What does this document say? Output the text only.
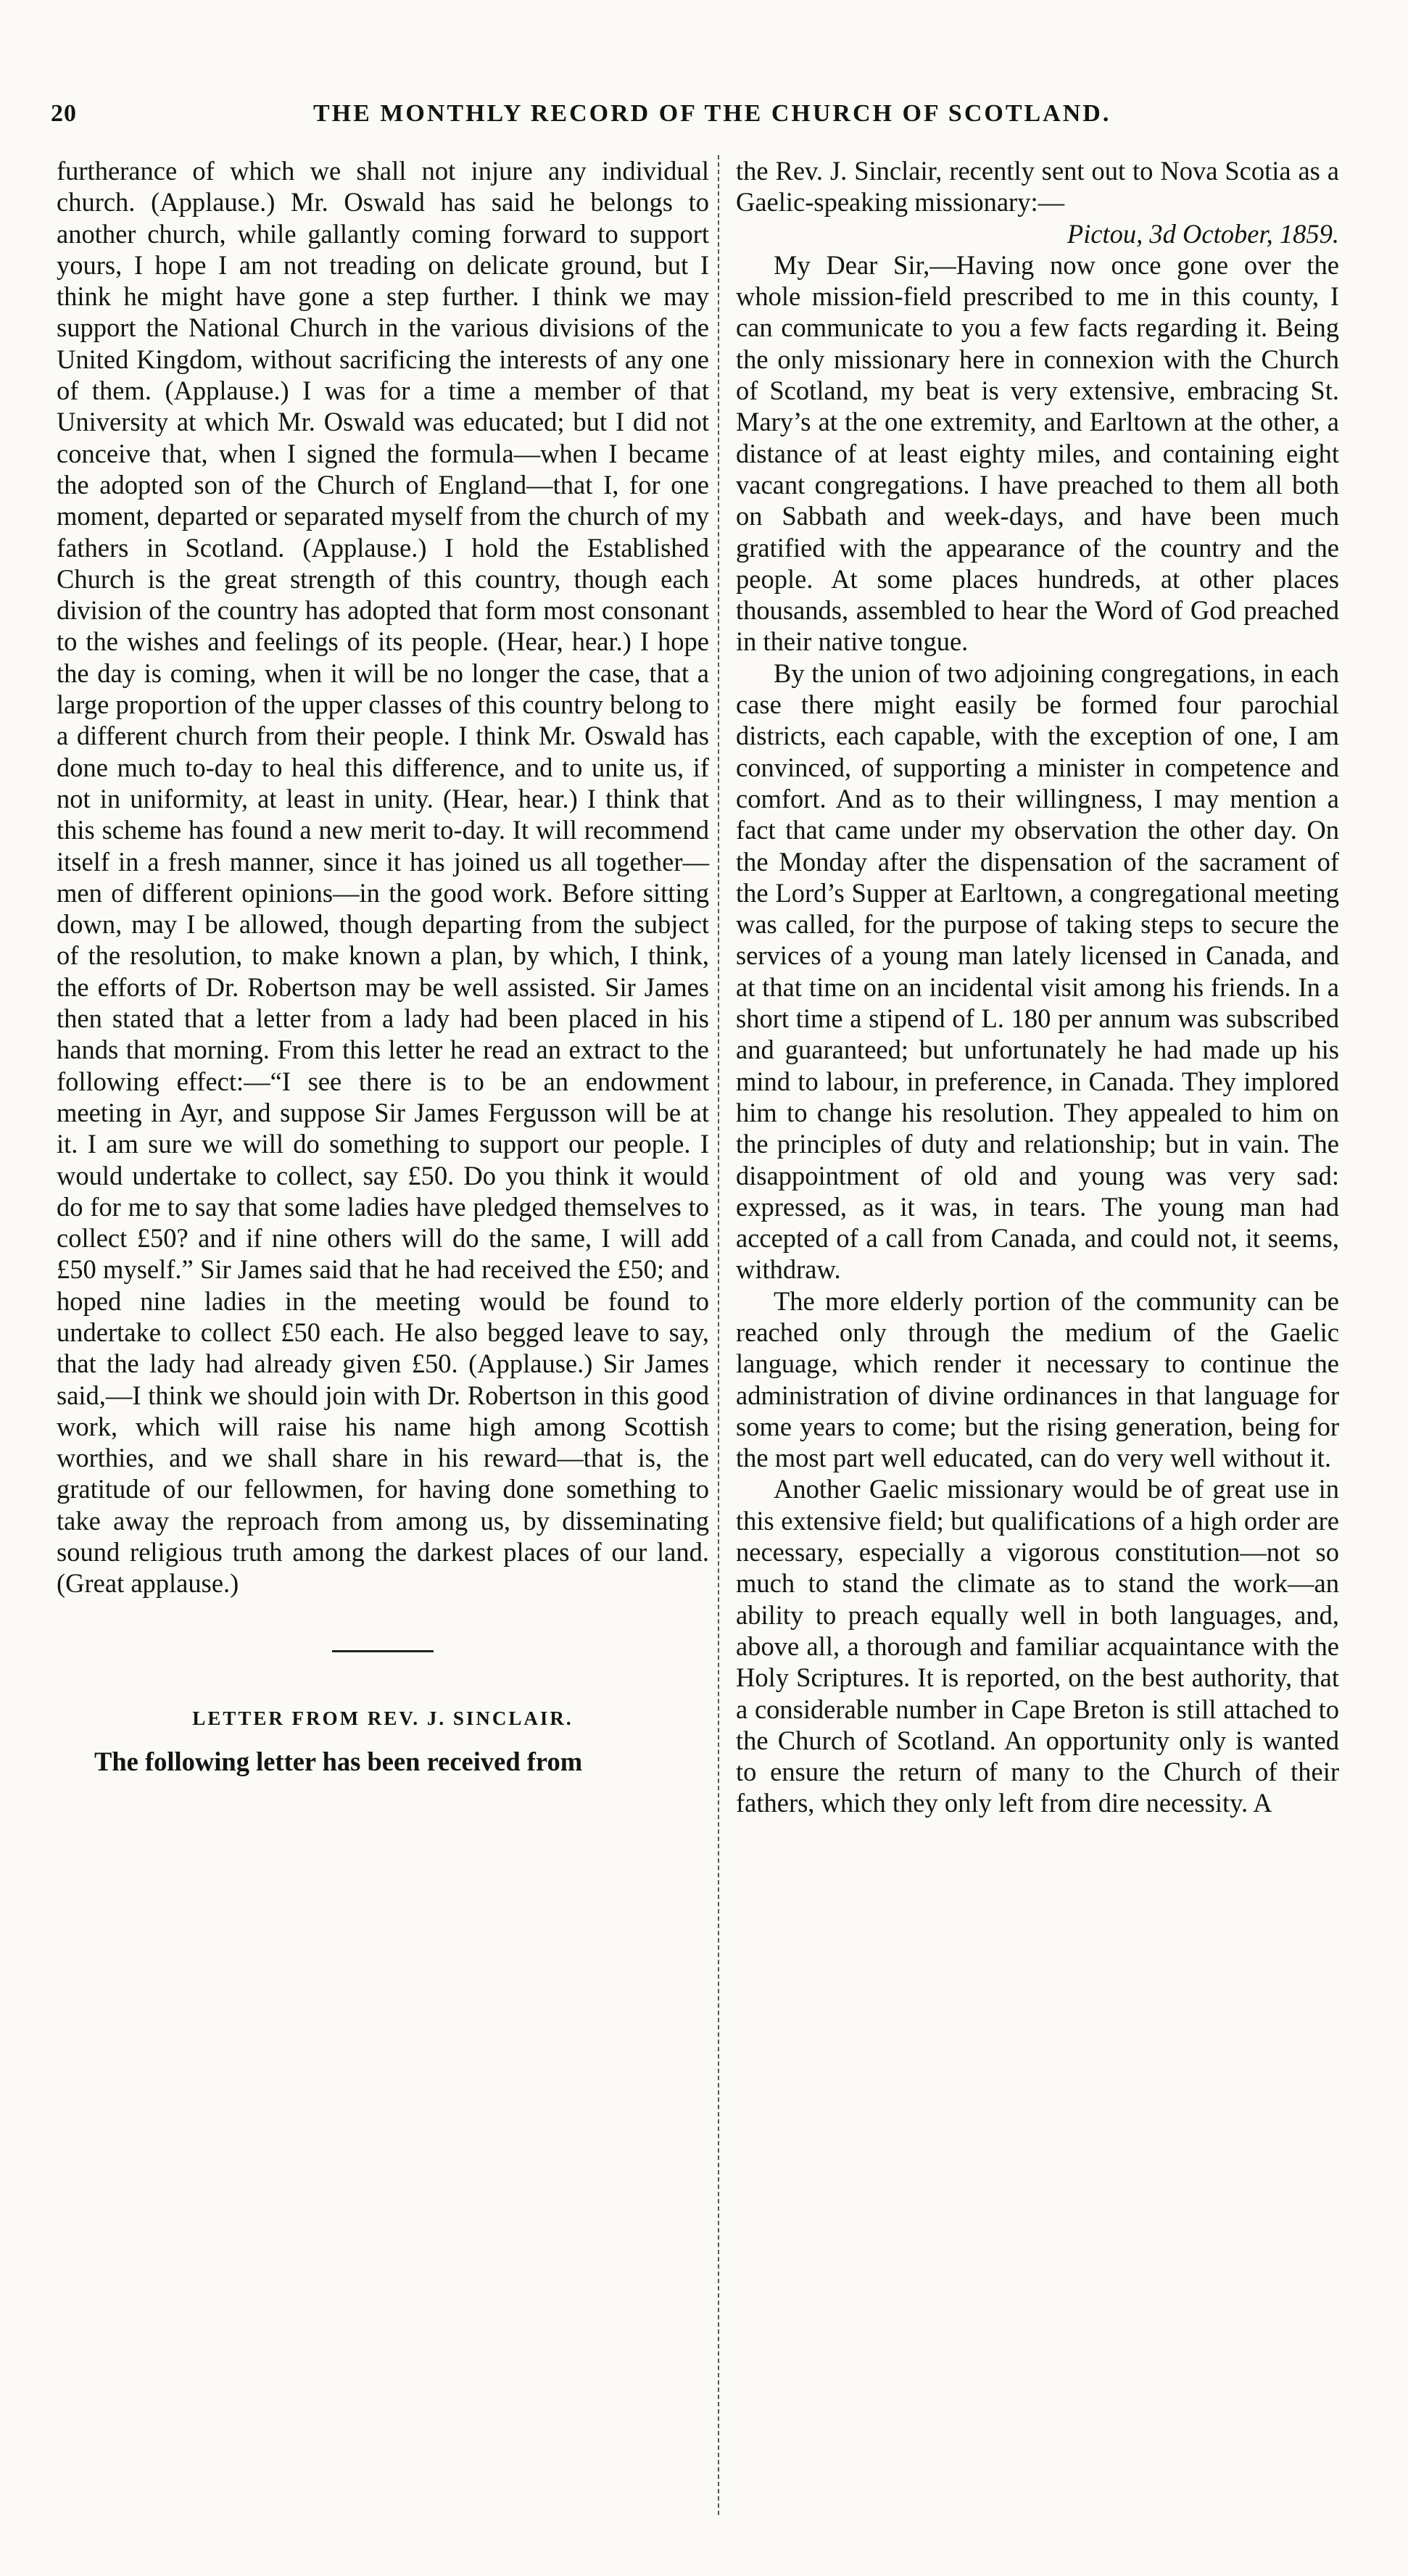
20	THE MONTHLY RECORD OF THE CHURCH OF SCOTLAND.

furtherance of which we shall not injure any individual church. (Applause.) Mr. Oswald has said he belongs to another church, while gallantly coming forward to support yours, I hope I am not treading on delicate ground, but I think he might have gone a step further. I think we may support the National Church in the various divisions of the United Kingdom, without sacrificing the interests of any one of them. (Applause.) I was for a time a member of that University at which Mr. Oswald was educated; but I did not conceive that, when I signed the formula—when I became the adopted son of the Church of England—that I, for one moment, departed or separated myself from the church of my fathers in Scotland. (Applause.) I hold the Established Church is the great strength of this country, though each division of the country has adopted that form most consonant to the wishes and feelings of its people. (Hear, hear.) I hope the day is coming, when it will be no longer the case, that a large proportion of the upper classes of this country belong to a different church from their people. I think Mr. Oswald has done much to-day to heal this difference, and to unite us, if not in uniformity, at least in unity. (Hear, hear.) I think that this scheme has found a new merit to-day. It will recommend itself in a fresh manner, since it has joined us all together—men of different opinions—in the good work. Before sitting down, may I be allowed, though departing from the subject of the resolution, to make known a plan, by which, I think, the efforts of Dr. Robertson may be well assisted. Sir James then stated that a letter from a lady had been placed in his hands that morning. From this letter he read an extract to the following effect:—“I see there is to be an endowment meeting in Ayr, and suppose Sir James Fergusson will be at it. I am sure we will do something to support our people. I would undertake to collect, say £50. Do you think it would do for me to say that some ladies have pledged themselves to collect £50? and if nine others will do the same, I will add £50 myself.” Sir James said that he had received the £50; and hoped nine ladies in the meeting would be found to undertake to collect £50 each. He also begged leave to say, that the lady had already given £50. (Applause.) Sir James said,—I think we should join with Dr. Robertson in this good work, which will raise his name high among Scottish worthies, and we shall share in his reward—that is, the gratitude of our fellowmen, for having done something to take away the reproach from among us, by disseminating sound religious truth among the darkest places of our land. (Great applause.)

LETTER FROM REV. J. SINCLAIR.

The following letter has been received from

the Rev. J. Sinclair, recently sent out to Nova Scotia as a Gaelic-speaking missionary:—

Pictou, 3d October, 1859.

My Dear Sir,—Having now once gone over the whole mission-field prescribed to me in this county, I can communicate to you a few facts regarding it. Being the only missionary here in connexion with the Church of Scotland, my beat is very extensive, embracing St. Mary’s at the one extremity, and Earltown at the other, a distance of at least eighty miles, and containing eight vacant congregations. I have preached to them all both on Sabbath and week-days, and have been much gratified with the appearance of the country and the people. At some places hundreds, at other places thousands, assembled to hear the Word of God preached in their native tongue.

By the union of two adjoining congregations, in each case there might easily be formed four parochial districts, each capable, with the exception of one, I am convinced, of supporting a minister in competence and comfort. And as to their willingness, I may mention a fact that came under my observation the other day. On the Monday after the dispensation of the sacrament of the Lord’s Supper at Earltown, a congregational meeting was called, for the purpose of taking steps to secure the services of a young man lately licensed in Canada, and at that time on an incidental visit among his friends. In a short time a stipend of L. 180 per annum was subscribed and guaranteed; but unfortunately he had made up his mind to labour, in preference, in Canada. They implored him to change his resolution. They appealed to him on the principles of duty and relationship; but in vain. The disappointment of old and young was very sad: expressed, as it was, in tears. The young man had accepted of a call from Canada, and could not, it seems, withdraw.

The more elderly portion of the community can be reached only through the medium of the Gaelic language, which render it necessary to continue the administration of divine ordinances in that language for some years to come; but the rising generation, being for the most part well educated, can do very well without it.

Another Gaelic missionary would be of great use in this extensive field; but qualifications of a high order are necessary, especially a vigorous constitution—not so much to stand the climate as to stand the work—an ability to preach equally well in both languages, and, above all, a thorough and familiar acquaintance with the Holy Scriptures. It is reported, on the best authority, that a considerable number in Cape Breton is still attached to the Church of Scotland. An opportunity only is wanted to ensure the return of many to the Church of their fathers, which they only left from dire necessity. A
